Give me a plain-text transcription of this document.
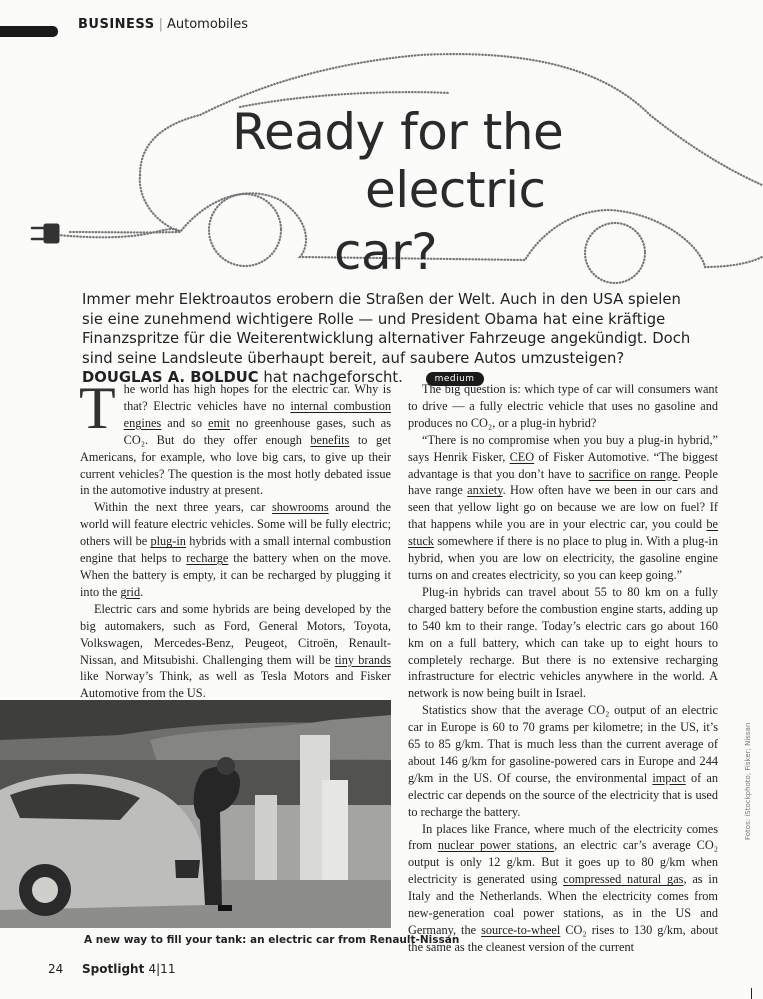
BUSINESS | Automobiles
Ready for the
electric
car?
Immer mehr Elektroautos erobern die Straßen der Welt. Auch in den USA spielen sie eine zunehmend wichtigere Rolle — und President Obama hat eine kräftige Finanzspritze für die Weiterentwicklung alternativer Fahrzeuge angekündigt. Doch sind seine Landsleute überhaupt bereit, auf saubere Autos umzusteigen? DOUGLAS A. BOLDUC hat nachgeforscht.	medium

The world has high hopes for the electric car. Why is that? Electric vehicles have no internal combustion engines and so emit no greenhouse gases, such as CO₂. But do they offer enough benefits to get Americans, for example, who love big cars, to give up their current vehicles? The question is the most hotly debated issue in the automotive industry at present.

Within the next three years, car showrooms around the world will feature electric vehicles. Some will be fully electric; others will be plug-in hybrids with a small internal combustion engine that helps to recharge the battery when on the move. When the battery is empty, it can be recharged by plugging it into the grid.

Electric cars and some hybrids are being developed by the big automakers, such as Ford, General Motors, Toyota, Volkswagen, Mercedes-Benz, Peugeot, Citroën, Renault-Nissan, and Mitsubishi. Challenging them will be tiny brands like Norway’s Think, as well as Tesla Motors and Fisker Automotive from the US.

The big question is: which type of car will consumers want to drive — a fully electric vehicle that uses no gasoline and produces no CO₂, or a plug-in hybrid?

“There is no compromise when you buy a plug-in hybrid,” says Henrik Fisker, CEO of Fisker Automotive. “The biggest advantage is that you don’t have to sacrifice on range. People have range anxiety. How often have we been in our cars and seen that yellow light go on because we are low on fuel? If that happens while you are in your electric car, you could be stuck somewhere if there is no place to plug in. With a plug-in hybrid, when you are low on electricity, the gasoline engine turns on and creates electricity, so you can keep going.”

Plug-in hybrids can travel about 55 to 80 km on a fully charged battery before the combustion engine starts, adding up to 540 km to their range. Today’s electric cars go about 160 km on a full battery, which can take up to eight hours to completely recharge. But there is no extensive recharging infrastructure for electric vehicles anywhere in the world. A network is now being built in Israel.

Statistics show that the average CO₂ output of an electric car in Europe is 60 to 70 grams per kilometre; in the US, it’s 65 to 85 g/km. That is much less than the current average of about 146 g/km for gasoline-powered cars in Europe and 244 g/km in the US. Of course, the environmental impact of an electric car depends on the source of the electricity that is used to recharge the battery.

In places like France, where much of the electricity comes from nuclear power stations, an electric car’s average CO₂ output is only 12 g/km. But it goes up to 80 g/km when electricity is generated using compressed natural gas, as in Italy and the Netherlands. When the electricity comes from new-generation coal power stations, as in the US and Germany, the source-to-wheel CO₂ rises to 130 g/km, about the same as the cleanest version of the current

A new way to fill your tank: an electric car from Renault-Nissan
24 Spotlight 4|11
Fotos: iStockphoto; Fisker; Nissan
